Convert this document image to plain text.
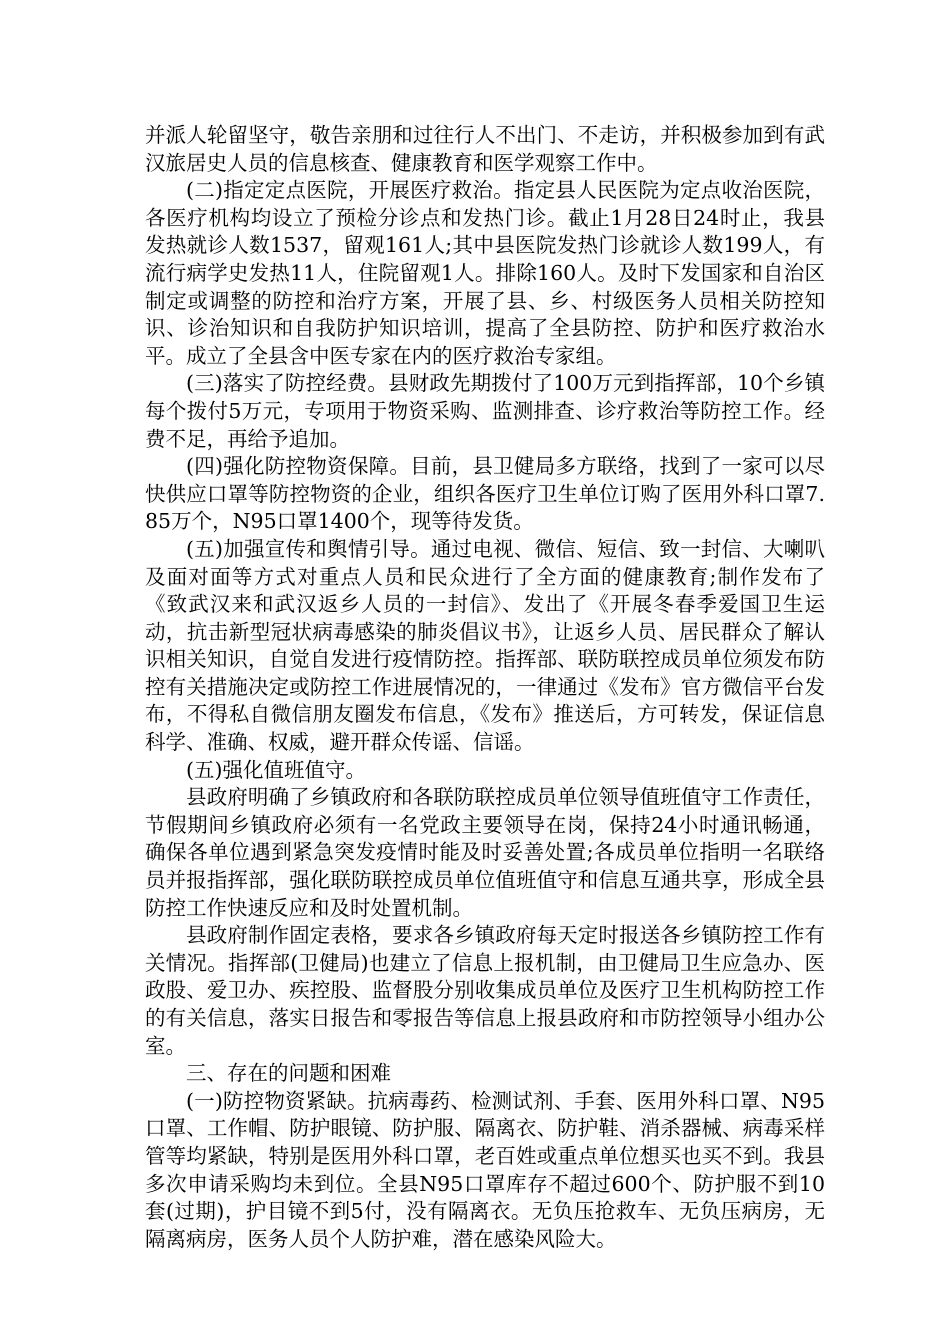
并派人轮留坚守，敬告亲朋和过往行人不出门、不走访，并积极参加到有武汉旅居史人员的信息核查、健康教育和医学观察工作中。

(二)指定定点医院，开展医疗救治。指定县人民医院为定点收治医院，各医疗机构均设立了预检分诊点和发热门诊。截止1月28日24时止，我县发热就诊人数1537，留观161人;其中县医院发热门诊就诊人数199人，有流行病学史发热11人，住院留观1人。排除160人。及时下发国家和自治区制定或调整的防控和治疗方案，开展了县、乡、村级医务人员相关防控知识、诊治知识和自我防护知识培训，提高了全县防控、防护和医疗救治水平。成立了全县含中医专家在内的医疗救治专家组。

(三)落实了防控经费。县财政先期拨付了100万元到指挥部，10个乡镇每个拨付5万元，专项用于物资采购、监测排查、诊疗救治等防控工作。经费不足，再给予追加。

(四)强化防控物资保障。目前，县卫健局多方联络，找到了一家可以尽快供应口罩等防控物资的企业，组织各医疗卫生单位订购了医用外科口罩7.85万个，N95口罩1400个，现等待发货。

(五)加强宣传和舆情引导。通过电视、微信、短信、致一封信、大喇叭及面对面等方式对重点人员和民众进行了全方面的健康教育;制作发布了《致武汉来和武汉返乡人员的一封信》、发出了《开展冬春季爱国卫生运动，抗击新型冠状病毒感染的肺炎倡议书》，让返乡人员、居民群众了解认识相关知识，自觉自发进行疫情防控。指挥部、联防联控成员单位须发布防控有关措施决定或防控工作进展情况的，一律通过《发布》官方微信平台发布，不得私自微信朋友圈发布信息，《发布》推送后，方可转发，保证信息科学、准确、权威，避开群众传谣、信谣。

(五)强化值班值守。

县政府明确了乡镇政府和各联防联控成员单位领导值班值守工作责任，节假期间乡镇政府必须有一名党政主要领导在岗，保持24小时通讯畅通，确保各单位遇到紧急突发疫情时能及时妥善处置;各成员单位指明一名联络员并报指挥部，强化联防联控成员单位值班值守和信息互通共享，形成全县防控工作快速反应和及时处置机制。

县政府制作固定表格，要求各乡镇政府每天定时报送各乡镇防控工作有关情况。指挥部(卫健局)也建立了信息上报机制，由卫健局卫生应急办、医政股、爱卫办、疾控股、监督股分别收集成员单位及医疗卫生机构防控工作的有关信息，落实日报告和零报告等信息上报县政府和市防控领导小组办公室。

三、存在的问题和困难

(一)防控物资紧缺。抗病毒药、检测试剂、手套、医用外科口罩、N95口罩、工作帽、防护眼镜、防护服、隔离衣、防护鞋、消杀器械、病毒采样管等均紧缺，特别是医用外科口罩，老百姓或重点单位想买也买不到。我县多次申请采购均未到位。全县N95口罩库存不超过600个、防护服不到10套(过期)，护目镜不到5付，没有隔离衣。无负压抢救车、无负压病房，无隔离病房，医务人员个人防护难，潜在感染风险大。
